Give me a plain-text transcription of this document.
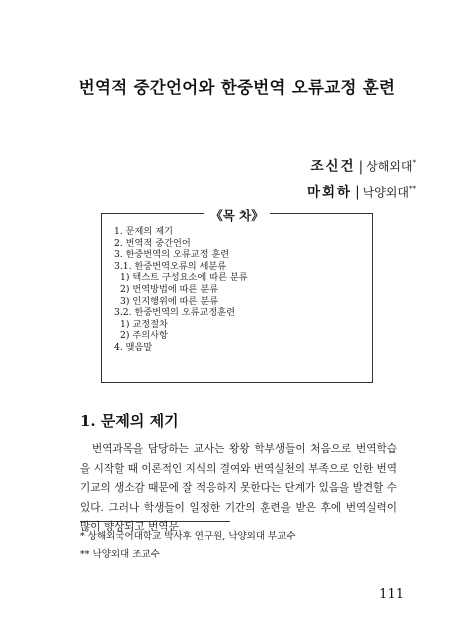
번역적 중간언어와 한중번역 오류교정 훈련
조신건 | 상해외대*
마회하 | 낙양외대**
《목 차》
1. 문제의 제기
2. 번역적 중간언어
3. 한중번역의 오류교정 훈련
3.1. 한중번역오류의 세분류
1) 텍스트 구성요소에 따른 분류
2) 번역방법에 따른 분류
3) 인지행위에 따른 분류
3.2. 한중번역의 오류교정훈련
1) 교정절차
2) 주의사항
4. 맺음말
1. 문제의 제기

번역과목을 담당하는 교사는 왕왕 학부생들이 처음으로 번역학습을 시작할 때 이론적인 지식의 결여와 번역실천의 부족으로 인한 번역기교의 생소감 때문에 잘 적응하지 못한다는 단계가 있음을 발견할 수 있다. 그러나 학생들이 일정한 기간의 훈련을 받은 후에 번역실력이 많이 향상되고 번역문

* 상해외국어대학교 박사후 연구원, 낙양외대 부교수
** 낙양외대 조교수
111
